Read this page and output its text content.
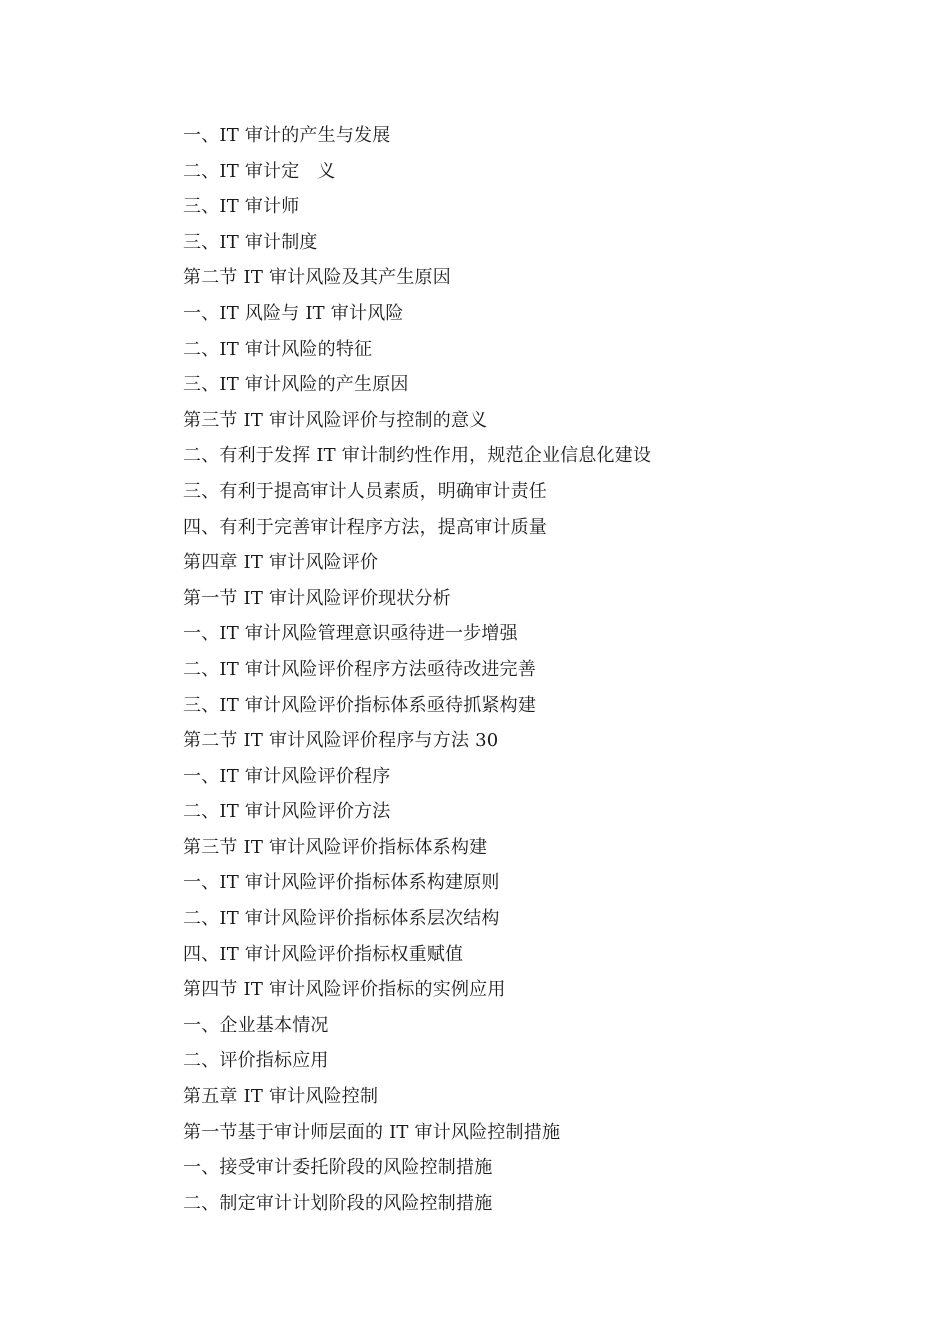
一、IT 审计的产生与发展
二、IT 审计定   义
三、IT 审计师
三、IT 审计制度
第二节 IT 审计风险及其产生原因
一、IT 风险与 IT 审计风险
二、IT 审计风险的特征
三、IT 审计风险的产生原因
第三节 IT 审计风险评价与控制的意义
二、有利于发挥 IT 审计制约性作用，规范企业信息化建设
三、有利于提高审计人员素质，明确审计责任
四、有利于完善审计程序方法，提高审计质量
第四章 IT 审计风险评价
第一节 IT 审计风险评价现状分析
一、IT 审计风险管理意识亟待进一步增强
二、IT 审计风险评价程序方法亟待改进完善
三、IT 审计风险评价指标体系亟待抓紧构建
第二节 IT 审计风险评价程序与方法 30
一、IT 审计风险评价程序
二、IT 审计风险评价方法
第三节 IT 审计风险评价指标体系构建
一、IT 审计风险评价指标体系构建原则
二、IT 审计风险评价指标体系层次结构
四、IT 审计风险评价指标权重赋值
第四节 IT 审计风险评价指标的实例应用
一、企业基本情况
二、评价指标应用
第五章 IT 审计风险控制
第一节基于审计师层面的 IT 审计风险控制措施
一、接受审计委托阶段的风险控制措施
二、制定审计计划阶段的风险控制措施
